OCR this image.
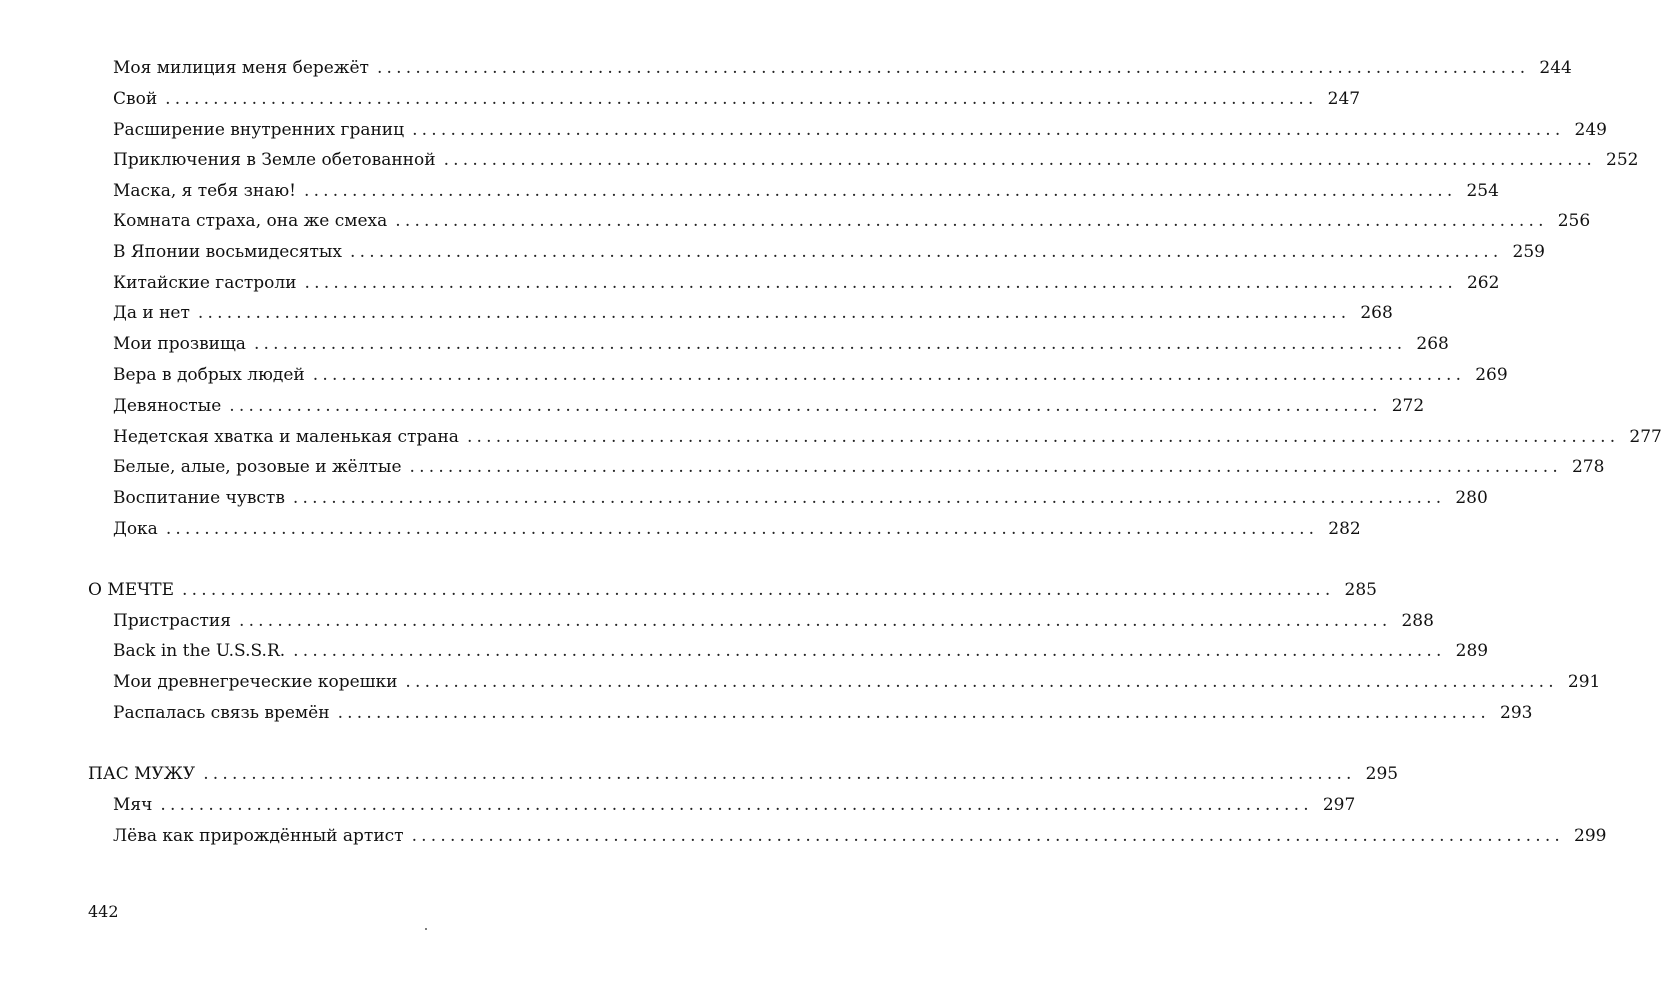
Моя милиция меня бережёт ........................................................................................................................ 244
Свой ........................................................................................................................ 247
Расширение внутренних границ ........................................................................................................................ 249
Приключения в Земле обетованной ........................................................................................................................ 252
Маска, я тебя знаю! ........................................................................................................................ 254
Комната страха, она же смеха ........................................................................................................................ 256
В Японии восьмидесятых ........................................................................................................................ 259
Китайские гастроли ........................................................................................................................ 262
Да и нет ........................................................................................................................ 268
Мои прозвища ........................................................................................................................ 268
Вера в добрых людей ........................................................................................................................ 269
Девяностые ........................................................................................................................ 272
Недетская хватка и маленькая страна ........................................................................................................................ 277
Белые, алые, розовые и жёлтые ........................................................................................................................ 278
Воспитание чувств ........................................................................................................................ 280
Дока ........................................................................................................................ 282
О МЕЧТЕ ........................................................................................................................ 285
Пристрастия ........................................................................................................................ 288
Back in the U.S.S.R. ........................................................................................................................ 289
Мои древнегреческие корешки ........................................................................................................................ 291
Распалась связь времён ........................................................................................................................ 293
ПАС МУЖУ ........................................................................................................................ 295
Мяч ........................................................................................................................ 297
Лёва как прирождённый артист ........................................................................................................................ 299
442
